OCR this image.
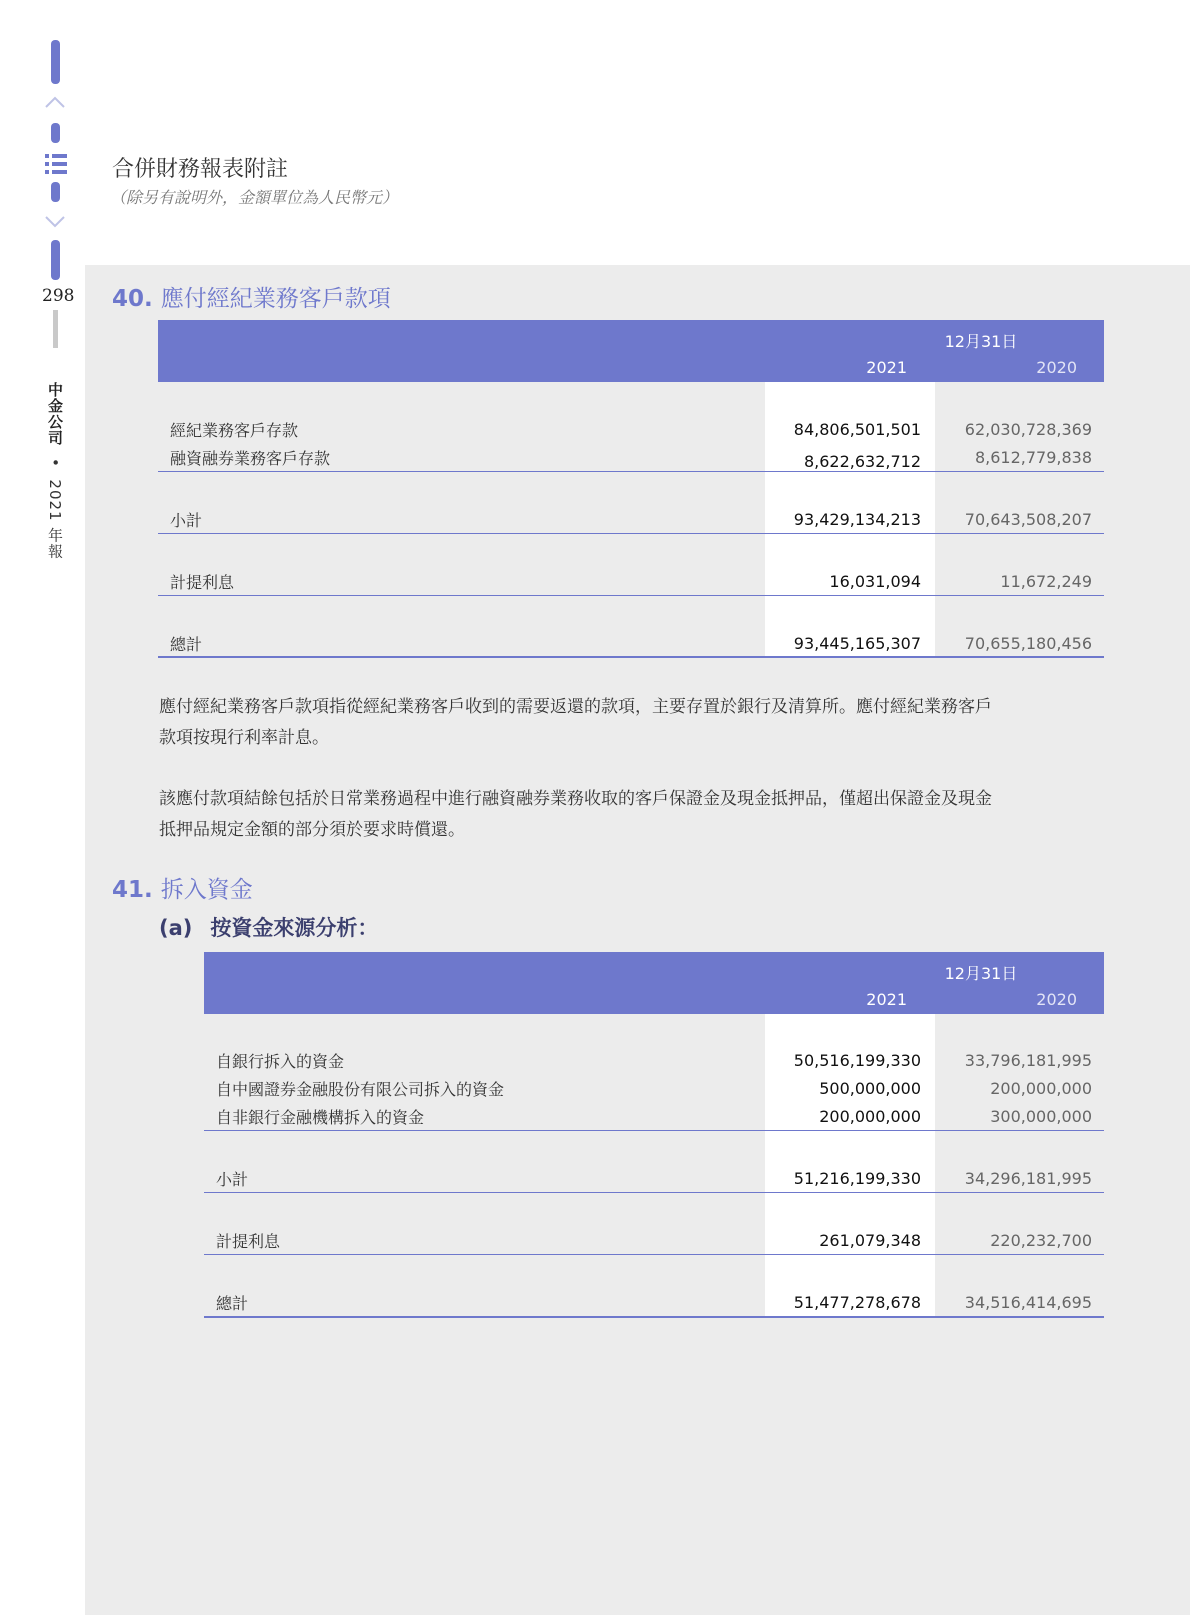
298
中金公司 • 2021 年報
合併財務報表附註
（除另有說明外，金額單位為人民幣元）
40. 應付經紀業務客戶款項
12月31日
2021	2020
經紀業務客戶存款	84,806,501,501	62,030,728,369
融資融券業務客戶存款	8,622,632,712	8,612,779,838
小計	93,429,134,213	70,643,508,207
計提利息	16,031,094	11,672,249
總計	93,445,165,307	70,655,180,456
應付經紀業務客戶款項指從經紀業務客戶收到的需要返還的款項，主要存置於銀行及清算所。應付經紀業務客戶
款項按現行利率計息。
該應付款項結餘包括於日常業務過程中進行融資融券業務收取的客戶保證金及現金抵押品，僅超出保證金及現金
抵押品規定金額的部分須於要求時償還。
41. 拆入資金
(a) 按資金來源分析：
12月31日
2021	2020
自銀行拆入的資金	50,516,199,330	33,796,181,995
自中國證券金融股份有限公司拆入的資金	500,000,000	200,000,000
自非銀行金融機構拆入的資金	200,000,000	300,000,000
小計	51,216,199,330	34,296,181,995
計提利息	261,079,348	220,232,700
總計	51,477,278,678	34,516,414,695
